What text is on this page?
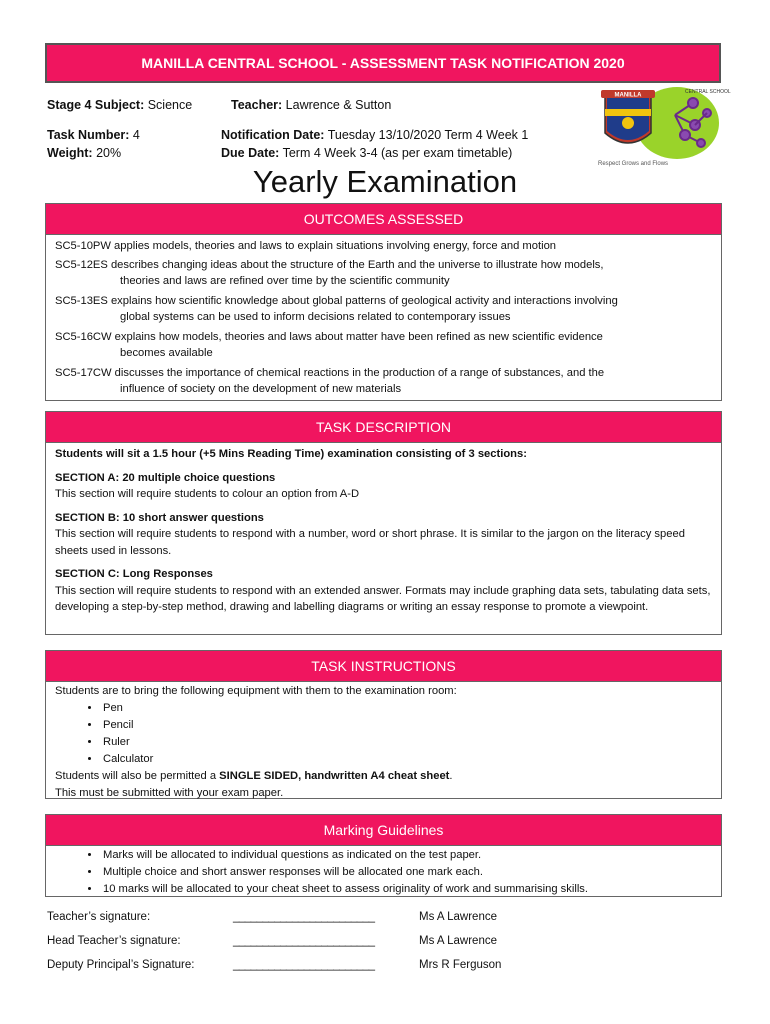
MANILLA CENTRAL SCHOOL - ASSESSMENT TASK NOTIFICATION 2020
Stage 4 Subject: Science	Teacher: Lawrence & Sutton
Task Number: 4
Weight: 20%
Notification Date: Tuesday 13/10/2020 Term 4 Week 1
Due Date: Term 4 Week 3-4 (as per exam timetable)
MANILLA
CENTRAL SCHOOL
Respect Grows and Flows
Yearly Examination
OUTCOMES ASSESSED
SC5-10PW applies models, theories and laws to explain situations involving energy, force and motion
SC5-12ES describes changing ideas about the structure of the Earth and the universe to illustrate how models,
theories and laws are refined over time by the scientific community
SC5-13ES explains how scientific knowledge about global patterns of geological activity and interactions involving
global systems can be used to inform decisions related to contemporary issues
SC5-16CW explains how models, theories and laws about matter have been refined as new scientific evidence
becomes available
SC5-17CW discusses the importance of chemical reactions in the production of a range of substances, and the
influence of society on the development of new materials
TASK DESCRIPTION
Students will sit a 1.5 hour (+5 Mins Reading Time) examination consisting of 3 sections:
SECTION A: 20 multiple choice questions
This section will require students to colour an option from A-D
SECTION B: 10 short answer questions
This section will require students to respond with a number, word or short phrase. It is similar to the jargon on the literacy speed sheets used in lessons.
SECTION C: Long Responses
This section will require students to respond with an extended answer. Formats may include graphing data sets, tabulating data sets, developing a step-by-step method, drawing and labelling diagrams or writing an essay response to promote a viewpoint.
TASK INSTRUCTIONS
Students are to bring the following equipment with them to the examination room:
• Pen
• Pencil
• Ruler
• Calculator
Students will also be permitted a SINGLE SIDED, handwritten A4 cheat sheet.
This must be submitted with your exam paper.
Marking Guidelines
• Marks will be allocated to individual questions as indicated on the test paper.
• Multiple choice and short answer responses will be allocated one mark each.
• 10 marks will be allocated to your cheat sheet to assess originality of work and summarising skills.
Teacher’s signature:	________________________	Ms A Lawrence
Head Teacher’s signature:	________________________	Ms A Lawrence
Deputy Principal’s Signature:	________________________	Mrs R Ferguson
